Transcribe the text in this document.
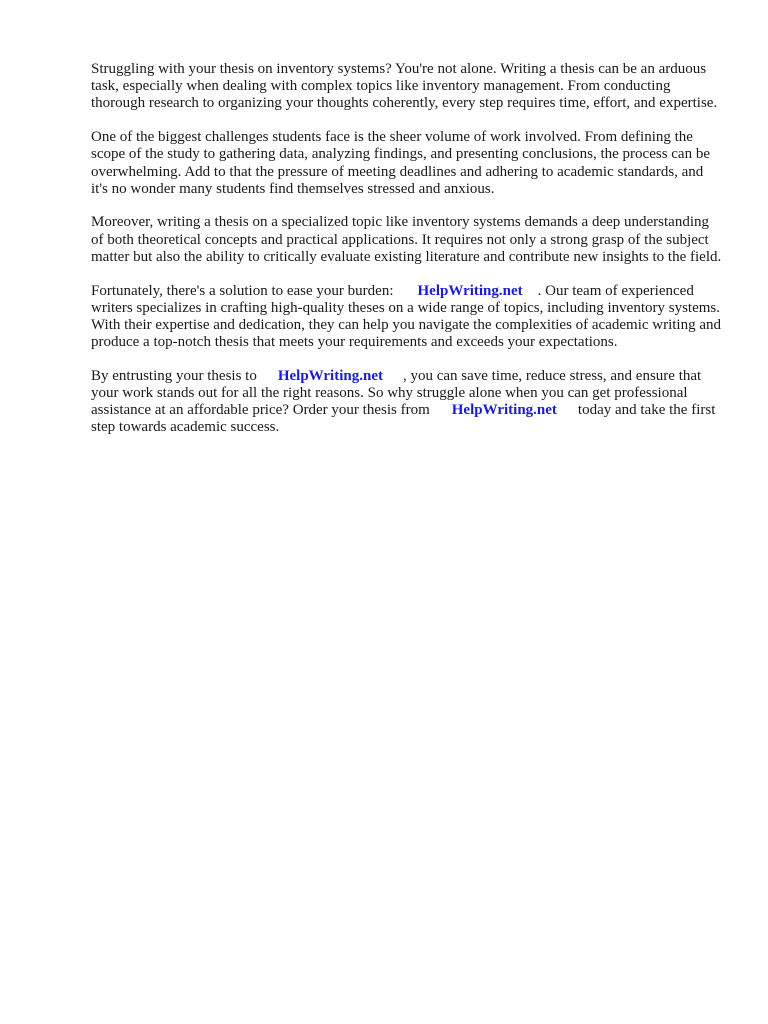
Struggling with your thesis on inventory systems? You're not alone. Writing a thesis can be an arduous task, especially when dealing with complex topics like inventory management. From conducting thorough research to organizing your thoughts coherently, every step requires time, effort, and expertise.

One of the biggest challenges students face is the sheer volume of work involved. From defining the scope of the study to gathering data, analyzing findings, and presenting conclusions, the process can be overwhelming. Add to that the pressure of meeting deadlines and adhering to academic standards, and it's no wonder many students find themselves stressed and anxious.

Moreover, writing a thesis on a specialized topic like inventory systems demands a deep understanding of both theoretical concepts and practical applications. It requires not only a strong grasp of the subject matter but also the ability to critically evaluate existing literature and contribute new insights to the field.

Fortunately, there's a solution to ease your burden: HelpWriting.net . Our team of experienced writers specializes in crafting high-quality theses on a wide range of topics, including inventory systems. With their expertise and dedication, they can help you navigate the complexities of academic writing and produce a top-notch thesis that meets your requirements and exceeds your expectations.

By entrusting your thesis to HelpWriting.net , you can save time, reduce stress, and ensure that your work stands out for all the right reasons. So why struggle alone when you can get professional assistance at an affordable price? Order your thesis from HelpWriting.net today and take the first step towards academic success.
